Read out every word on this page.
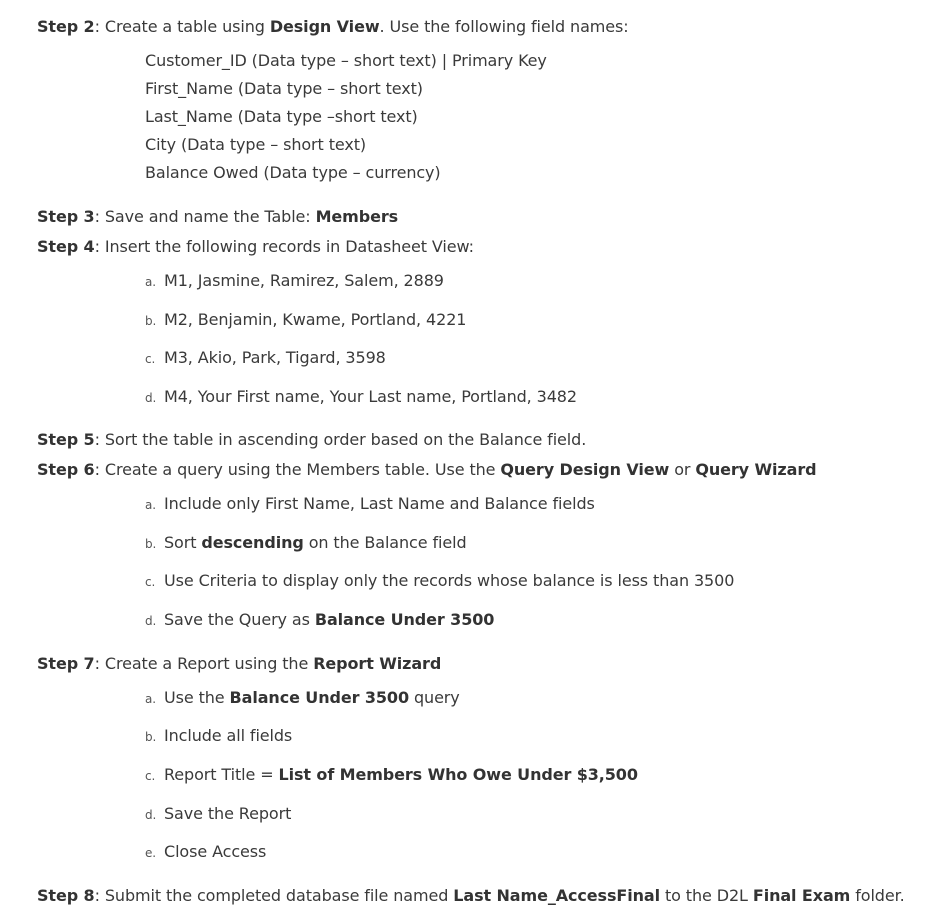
Step 2: Create a table using Design View. Use the following field names:
Customer_ID (Data type – short text) | Primary Key
First_Name (Data type – short text)
Last_Name (Data type –short text)
City (Data type – short text)
Balance Owed (Data type – currency)
Step 3: Save and name the Table: Members
Step 4: Insert the following records in Datasheet View:
a. M1, Jasmine, Ramirez, Salem, 2889
b. M2, Benjamin, Kwame, Portland, 4221
c. M3, Akio, Park, Tigard, 3598
d. M4, Your First name, Your Last name, Portland, 3482
Step 5: Sort the table in ascending order based on the Balance field.
Step 6: Create a query using the Members table. Use the Query Design View or Query Wizard
a. Include only First Name, Last Name and Balance fields
b. Sort descending on the Balance field
c. Use Criteria to display only the records whose balance is less than 3500
d. Save the Query as Balance Under 3500
Step 7: Create a Report using the Report Wizard
a. Use the Balance Under 3500 query
b. Include all fields
c. Report Title = List of Members Who Owe Under $3,500
d. Save the Report
e. Close Access
Step 8: Submit the completed database file named Last Name_AccessFinal to the D2L Final Exam folder.
